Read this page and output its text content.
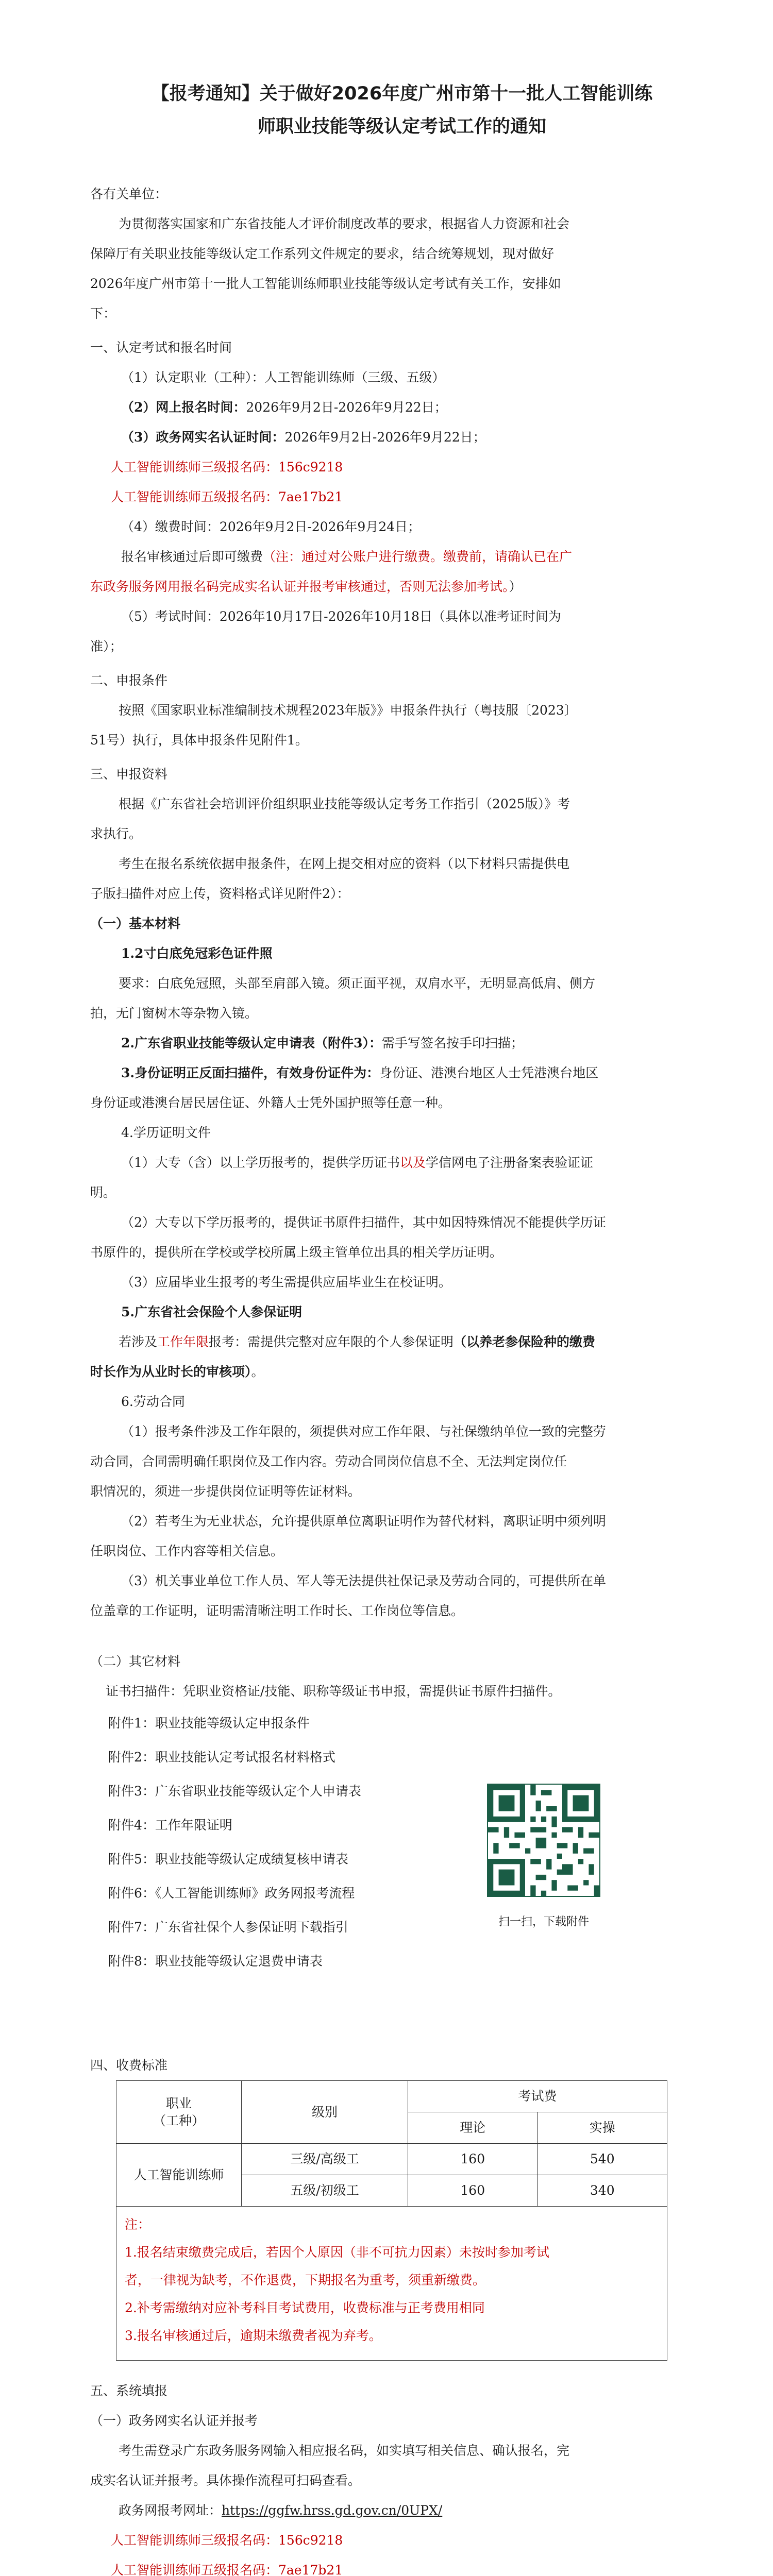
【报考通知】关于做好2026年度广州市第十一批人工智能训练
师职业技能等级认定考试工作的通知
各有关单位：
为贯彻落实国家和广东省技能人才评价制度改革的要求，根据省人力资源和社会
保障厅有关职业技能等级认定工作系列文件规定的要求，结合统筹规划，现对做好
2026年度广州市第十一批人工智能训练师职业技能等级认定考试有关工作，安排如
下：
一、认定考试和报名时间
（1）认定职业（工种）：人工智能训练师（三级、五级）
（2）网上报名时间：2026年9月2日-2026年9月22日；
（3）政务网实名认证时间：2026年9月2日-2026年9月22日；
人工智能训练师三级报名码：156c9218
人工智能训练师五级报名码：7ae17b21
（4）缴费时间：2026年9月2日-2026年9月24日；
报名审核通过后即可缴费（注：通过对公账户进行缴费。缴费前，请确认已在广
东政务服务网用报名码完成实名认证并报考审核通过，否则无法参加考试。）
（5）考试时间：2026年10月17日-2026年10月18日（具体以准考证时间为
准）；
二、申报条件
按照《国家职业标准编制技术规程2023年版》》申报条件执行（粤技服〔2023〕
51号）执行，具体申报条件见附件1。
三、申报资料
根据《广东省社会培训评价组织职业技能等级认定考务工作指引（2025版）》考
求执行。
考生在报名系统依据申报条件，在网上提交相对应的资料（以下材料只需提供电
子版扫描件对应上传，资料格式详见附件2）：
（一）基本材料
1.2寸白底免冠彩色证件照
要求：白底免冠照，头部至肩部入镜。须正面平视，双肩水平，无明显高低肩、侧方
拍，无门窗树木等杂物入镜。
2.广东省职业技能等级认定申请表（附件3）：需手写签名按手印扫描；
3.身份证明正反面扫描件，有效身份证件为：身份证、港澳台地区人士凭港澳台地区
身份证或港澳台居民居住证、外籍人士凭外国护照等任意一种。
4.学历证明文件
（1）大专（含）以上学历报考的，提供学历证书以及学信网电子注册备案表验证证
明。
（2）大专以下学历报考的，提供证书原件扫描件，其中如因特殊情况不能提供学历证
书原件的，提供所在学校或学校所属上级主管单位出具的相关学历证明。
（3）应届毕业生报考的考生需提供应届毕业生在校证明。
5.广东省社会保险个人参保证明
若涉及工作年限报考：需提供完整对应年限的个人参保证明（以养老参保险种的缴费
时长作为从业时长的审核项）。
6.劳动合同
（1）报考条件涉及工作年限的，须提供对应工作年限、与社保缴纳单位一致的完整劳
动合同，合同需明确任职岗位及工作内容。劳动合同岗位信息不全、无法判定岗位任
职情况的，须进一步提供岗位证明等佐证材料。
（2）若考生为无业状态，允许提供原单位离职证明作为替代材料，离职证明中须列明
任职岗位、工作内容等相关信息。
（3）机关事业单位工作人员、军人等无法提供社保记录及劳动合同的，可提供所在单
位盖章的工作证明，证明需清晰注明工作时长、工作岗位等信息。
（二）其它材料
证书扫描件：凭职业资格证/技能、职称等级证书申报，需提供证书原件扫描件。
附件1：职业技能等级认定申报条件
附件2：职业技能认定考试报名材料格式
附件3：广东省职业技能等级认定个人申请表
附件4：工作年限证明
附件5：职业技能等级认定成绩复核申请表
附件6：《人工智能训练师》政务网报考流程
附件7：广东省社保个人参保证明下载指引
附件8：职业技能等级认定退费申请表
扫一扫，下载附件
四、收费标准
职业
（工种）	级别	考试费	
		理论	实操
人工智能训练师	三级/高级工	160	540
	五级/初级工	160	340
注：
1.报名结束缴费完成后，若因个人原因（非不可抗力因素）未按时参加考试
者，一律视为缺考，不作退费，下期报名为重考，须重新缴费。
2.补考需缴纳对应补考科目考试费用，收费标准与正考费用相同
3.报名审核通过后，逾期未缴费者视为弃考。
五、系统填报
（一）政务网实名认证并报考
考生需登录广东政务服务网输入相应报名码，如实填写相关信息、确认报名，完
成实名认证并报考。具体操作流程可扫码查看。
政务网报考网址：https://ggfw.hrss.gd.gov.cn/0UPX/
人工智能训练师三级报名码：156c9218
人工智能训练师五级报名码：7ae17b21
